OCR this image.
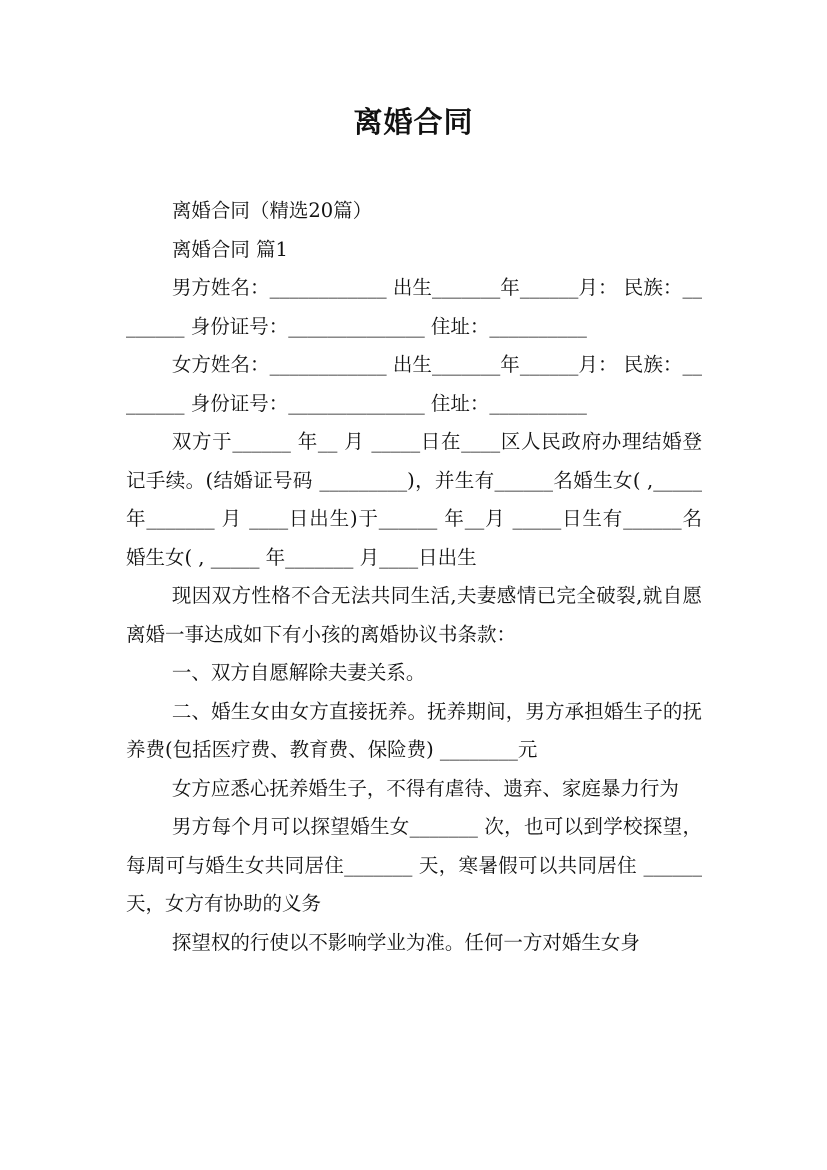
离婚合同

离婚合同（精选20篇）

离婚合同 篇1

男方姓名：____________ 出生_______年______月： 民族：________ 身份证号：______________ 住址：__________

女方姓名：____________ 出生_______年______月： 民族：________ 身份证号：______________ 住址：__________

双方于______ 年__ 月 _____日在____区人民政府办理结婚登记手续。(结婚证号码 _________)，并生有______名婚生女( ,_____ 年_______ 月 ____日出生)于______ 年__月 _____日生有______名婚生女( , _____ 年_______ 月____日出生

现因双方性格不合无法共同生活,夫妻感情已完全破裂,就自愿离婚一事达成如下有小孩的离婚协议书条款：

一、双方自愿解除夫妻关系。

二、婚生女由女方直接抚养。抚养期间，男方承担婚生子的抚养费(包括医疗费、教育费、保险费) ________元

女方应悉心抚养婚生子，不得有虐待、遗弃、家庭暴力行为

男方每个月可以探望婚生女_______ 次，也可以到学校探望，每周可与婚生女共同居住_______ 天，寒暑假可以共同居住 ______天，女方有协助的义务

探望权的行使以不影响学业为准。任何一方对婚生女身
